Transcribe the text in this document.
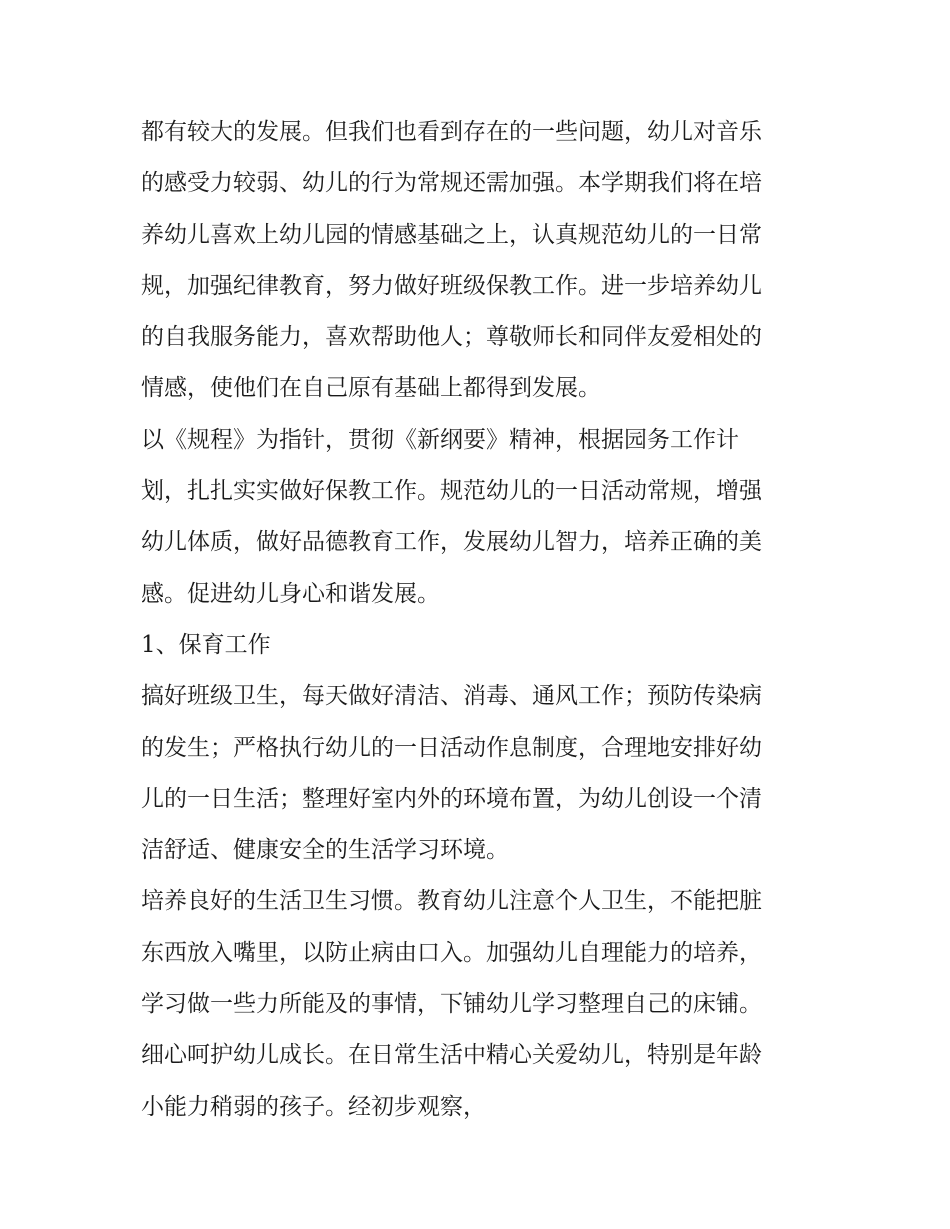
都有较大的发展。但我们也看到存在的一些问题，幼儿对音乐
的感受力较弱、幼儿的行为常规还需加强。本学期我们将在培
养幼儿喜欢上幼儿园的情感基础之上，认真规范幼儿的一日常
规，加强纪律教育，努力做好班级保教工作。进一步培养幼儿
的自我服务能力，喜欢帮助他人；尊敬师长和同伴友爱相处的
情感，使他们在自己原有基础上都得到发展。
以《规程》为指针，贯彻《新纲要》精神，根据园务工作计
划，扎扎实实做好保教工作。规范幼儿的一日活动常规，增强
幼儿体质，做好品德教育工作，发展幼儿智力，培养正确的美
感。促进幼儿身心和谐发展。
1、保育工作
搞好班级卫生，每天做好清洁、消毒、通风工作；预防传染病
的发生；严格执行幼儿的一日活动作息制度，合理地安排好幼
儿的一日生活；整理好室内外的环境布置，为幼儿创设一个清
洁舒适、健康安全的生活学习环境。
培养良好的生活卫生习惯。教育幼儿注意个人卫生，不能把脏
东西放入嘴里，以防止病由口入。加强幼儿自理能力的培养，
学习做一些力所能及的事情，下铺幼儿学习整理自己的床铺。
细心呵护幼儿成长。在日常生活中精心关爱幼儿，特别是年龄
小能力稍弱的孩子。经初步观察，
